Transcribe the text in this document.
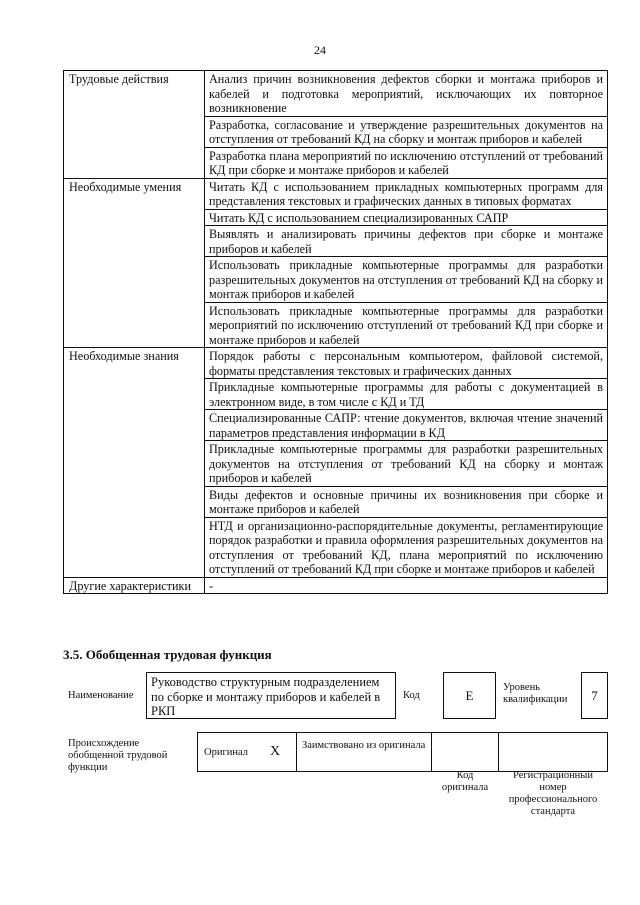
24
Трудовые действия	Анализ причин возникновения дефектов сборки и монтажа приборов и кабелей и подготовка мероприятий, исключающих их повторное возникновение
	Разработка, согласование и утверждение разрешительных документов на отступления от требований КД на сборку и монтаж приборов и кабелей
	Разработка плана мероприятий по исключению отступлений от требований КД при сборке и монтаже приборов и кабелей
Необходимые умения	Читать КД с использованием прикладных компьютерных программ для представления текстовых и графических данных в типовых форматах
	Читать КД с использованием специализированных САПР
	Выявлять и анализировать причины дефектов при сборке и монтаже приборов и кабелей
	Использовать прикладные компьютерные программы для разработки разрешительных документов на отступления от требований КД на сборку и монтаж приборов и кабелей
	Использовать прикладные компьютерные программы для разработки мероприятий по исключению отступлений от требований КД при сборке и монтаже приборов и кабелей
Необходимые знания	Порядок работы с персональным компьютером, файловой системой, форматы представления текстовых и графических данных
	Прикладные компьютерные программы для работы с документацией в электронном виде, в том числе с КД и ТД
	Специализированные САПР: чтение документов, включая чтение значений параметров представления информации в КД
	Прикладные компьютерные программы для разработки разрешительных документов на отступления от требований КД на сборку и монтаж приборов и кабелей
	Виды дефектов и основные причины их возникновения при сборке и монтаже приборов и кабелей
	НТД и организационно-распорядительные документы, регламентирующие порядок разработки и правила оформления разрешительных документов на отступления от требований КД, плана мероприятий по исключению отступлений от требований КД при сборке и монтаже приборов и кабелей
Другие характеристики	-
3.5. Обобщенная трудовая функция
Наименование
Руководство структурным подразделением по сборке и монтажу приборов и кабелей в РКП
Код	E	Уровень квалификации	7
Происхождение обобщенной трудовой функции
Оригинал X	Заимствовано из оригинала
Код оригинала
Регистрационный номер профессионального стандарта
